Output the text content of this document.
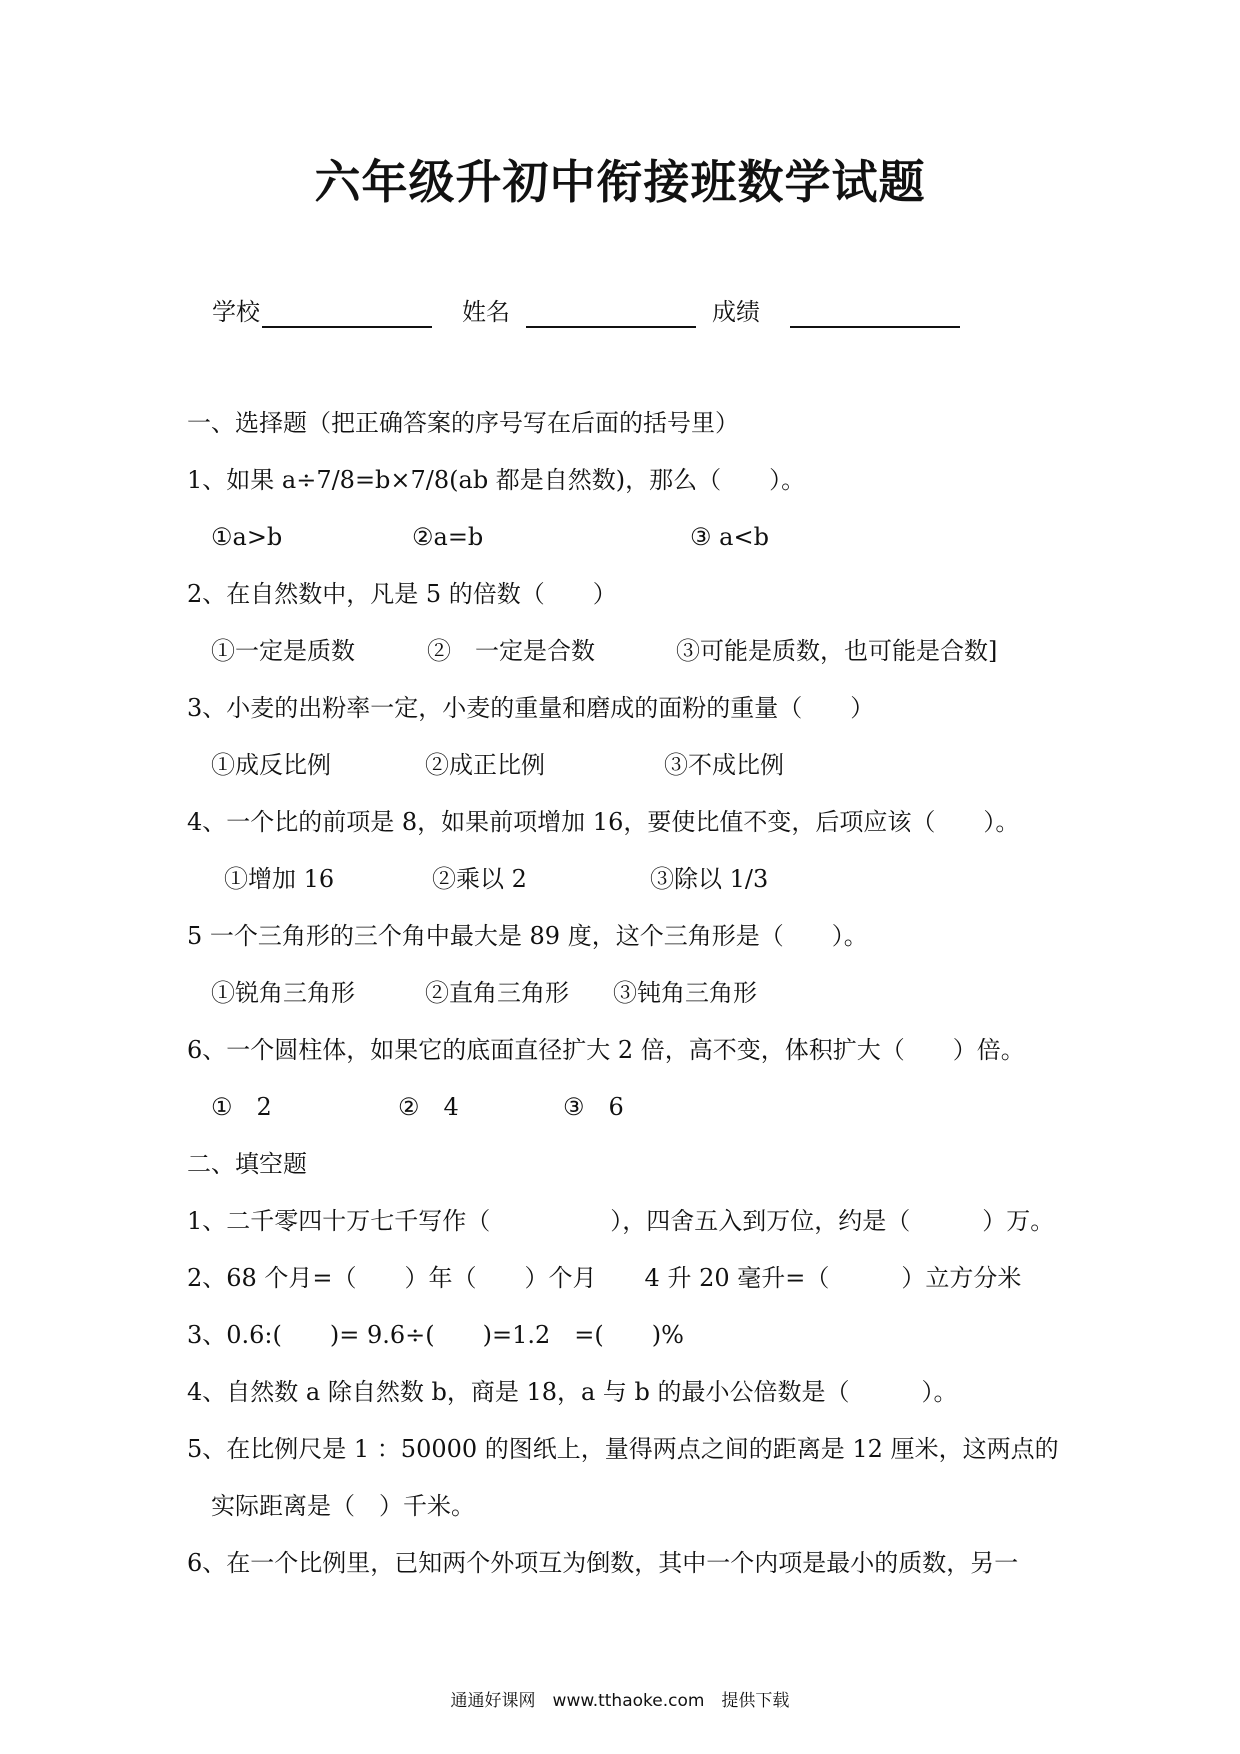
六年级升初中衔接班数学试题
学校	姓名	成绩
一、选择题（把正确答案的序号写在后面的括号里）
1、如果 a÷7/8=b×7/8(ab 都是自然数)，那么（　　）。
①a>b	②a=b	③ a<b
2、在自然数中，凡是 5 的倍数（　　）
①一定是质数	②　一定是合数	③可能是质数，也可能是合数]
3、小麦的出粉率一定，小麦的重量和磨成的面粉的重量（　　）
①成反比例	②成正比例	③不成比例
4、一个比的前项是 8，如果前项增加 16，要使比值不变，后项应该（　　）。
①增加 16	②乘以 2	③除以 1/3
5 一个三角形的三个角中最大是 89 度，这个三角形是（　　）。
①锐角三角形	②直角三角形 ③钝角三角形
6、一个圆柱体，如果它的底面直径扩大 2 倍，高不变，体积扩大（　　）倍。
①　2	②　4	③　6
二、填空题
1、二千零四十万七千写作（　　　　　），四舍五入到万位，约是（　　　）万。
2、68 个月=（　　）年（　　）个月　　4 升 20 毫升=（　　　）立方分米
3、0.6:(　　)= 9.6÷(　　)=1.2　=(　　)%
4、自然数 a 除自然数 b，商是 18，a 与 b 的最小公倍数是（　　　）。
5、在比例尺是 1 ：50000 的图纸上，量得两点之间的距离是 12 厘米，这两点的
实际距离是（　）千米。
6、在一个比例里，已知两个外项互为倒数，其中一个内项是最小的质数，另一
通通好课网　www.tthaoke.com　提供下载
